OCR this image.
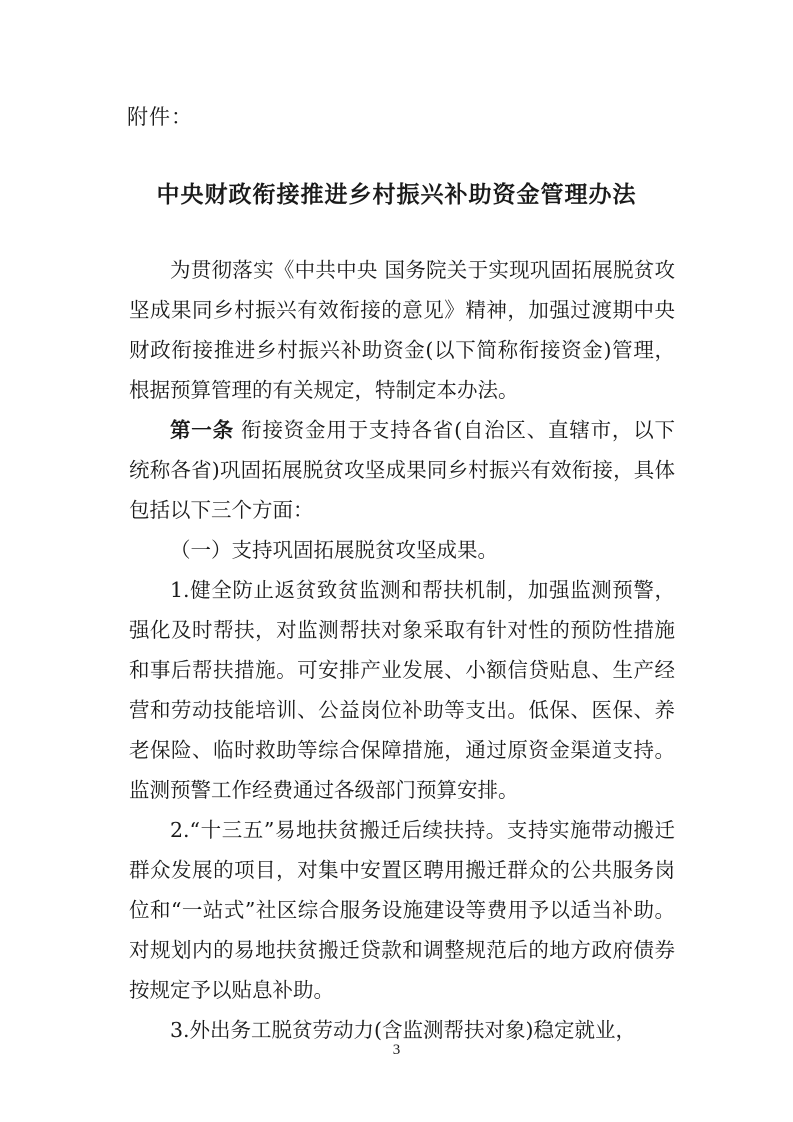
附件：
中央财政衔接推进乡村振兴补助资金管理办法

为贯彻落实《中共中央 国务院关于实现巩固拓展脱贫攻坚成果同乡村振兴有效衔接的意见》精神，加强过渡期中央财政衔接推进乡村振兴补助资金(以下简称衔接资金)管理，根据预算管理的有关规定，特制定本办法。

第一条 衔接资金用于支持各省(自治区、直辖市，以下统称各省)巩固拓展脱贫攻坚成果同乡村振兴有效衔接，具体包括以下三个方面：

（一）支持巩固拓展脱贫攻坚成果。

1.健全防止返贫致贫监测和帮扶机制，加强监测预警，强化及时帮扶，对监测帮扶对象采取有针对性的预防性措施和事后帮扶措施。可安排产业发展、小额信贷贴息、生产经营和劳动技能培训、公益岗位补助等支出。低保、医保、养老保险、临时救助等综合保障措施，通过原资金渠道支持。监测预警工作经费通过各级部门预算安排。

2.“十三五”易地扶贫搬迁后续扶持。支持实施带动搬迁群众发展的项目，对集中安置区聘用搬迁群众的公共服务岗位和“一站式”社区综合服务设施建设等费用予以适当补助。对规划内的易地扶贫搬迁贷款和调整规范后的地方政府债券按规定予以贴息补助。

3.外出务工脱贫劳动力(含监测帮扶对象)稳定就业，

3
